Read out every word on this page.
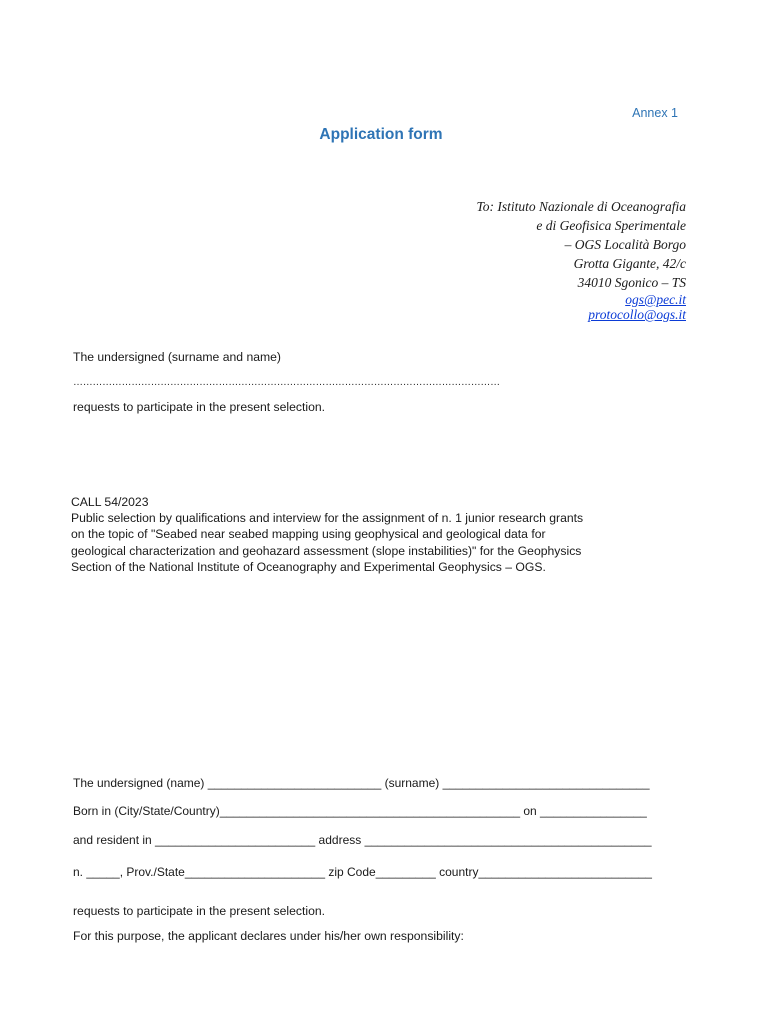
Annex 1
Application form
To: Istituto Nazionale di Oceanografia
e di Geofisica Sperimentale
– OGS Località Borgo
Grotta Gigante, 42/c
34010 Sgonico – TS
ogs@pec.it
protocollo@ogs.it
The undersigned (surname and name)
……………………………………………………………………………………………………………………
requests to participate in the present selection.
CALL 54/2023
Public selection by qualifications and interview for the assignment of n. 1 junior research grants
on the topic of "Seabed near seabed mapping using geophysical and geological data for
geological characterization and geohazard assessment (slope instabilities)" for the Geophysics
Section of the National Institute of Oceanography and Experimental Geophysics – OGS.
The undersigned (name) __________________________ (surname) _______________________________
Born in (City/State/Country)_____________________________________________ on ________________
and resident in ________________________ address ___________________________________________
n. _____, Prov./State_____________________ zip Code_________ country__________________________
requests to participate in the present selection.
For this purpose, the applicant declares under his/her own responsibility:
